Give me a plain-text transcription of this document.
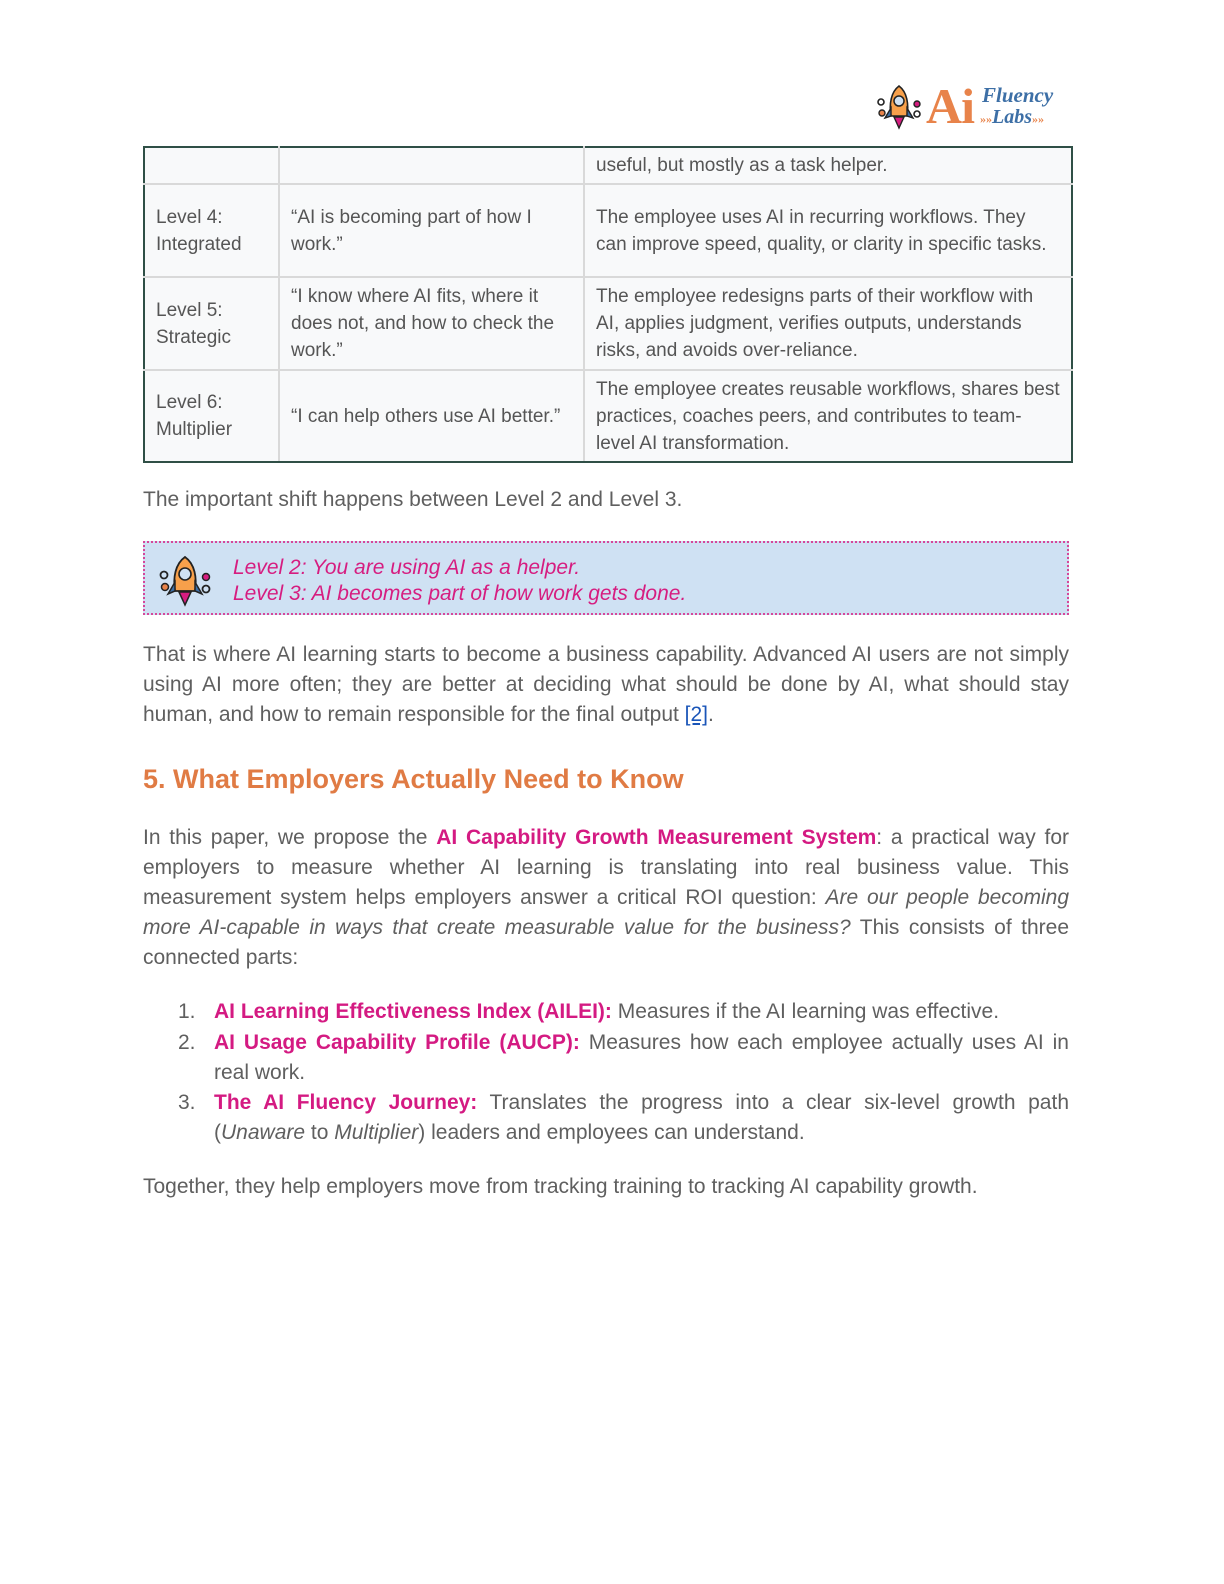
Ai Fluency
»»Labs»»
		useful, but mostly as a task helper.
Level 4: Integrated	“AI is becoming part of how I work.”	The employee uses AI in recurring workflows. They can improve speed, quality, or clarity in specific tasks.
Level 5: Strategic	“I know where AI fits, where it does not, and how to check the work.”	The employee redesigns parts of their workflow with AI, applies judgment, verifies outputs, understands risks, and avoids over-reliance.
Level 6: Multiplier	“I can help others use AI better.”	The employee creates reusable workflows, shares best practices, coaches peers, and contributes to team-level AI transformation.

The important shift happens between Level 2 and Level 3.

Level 2: You are using AI as a helper.
Level 3: AI becomes part of how work gets done.

That is where AI learning starts to become a business capability. Advanced AI users are not simply using AI more often; they are better at deciding what should be done by AI, what should stay human, and how to remain responsible for the final output [2].

5. What Employers Actually Need to Know

In this paper, we propose the AI Capability Growth Measurement System: a practical way for employers to measure whether AI learning is translating into real business value. This measurement system helps employers answer a critical ROI question: Are our people becoming more AI-capable in ways that create measurable value for the business? This consists of three connected parts:

1. AI Learning Effectiveness Index (AILEI): Measures if the AI learning was effective.
2. AI Usage Capability Profile (AUCP): Measures how each employee actually uses AI in real work.
3. The AI Fluency Journey: Translates the progress into a clear six-level growth path (Unaware to Multiplier) leaders and employees can understand.

Together, they help employers move from tracking training to tracking AI capability growth.
